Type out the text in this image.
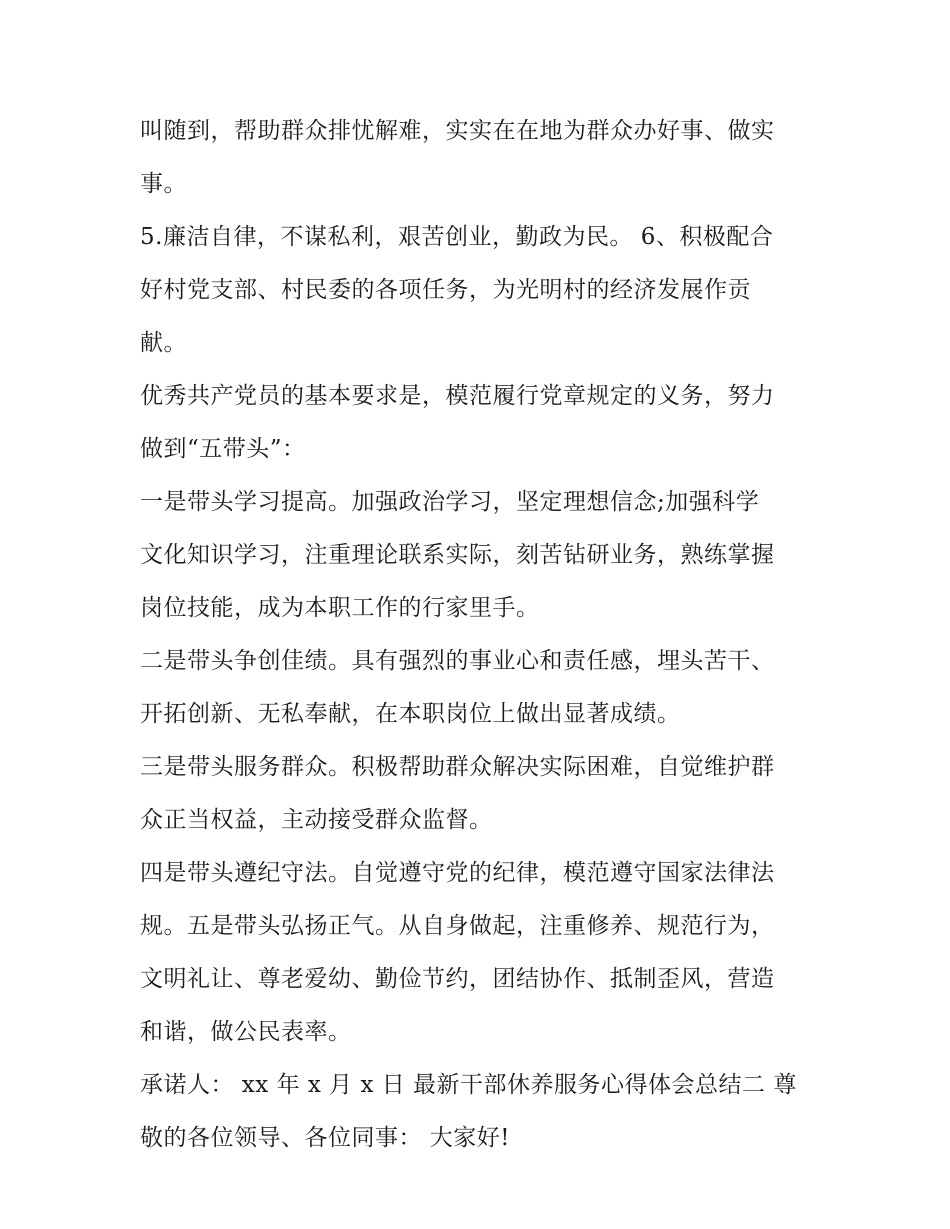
叫随到，帮助群众排忧解难，实实在在地为群众办好事、做实
事。
5.廉洁自律，不谋私利，艰苦创业，勤政为民。 6、积极配合
好村党支部、村民委的各项任务，为光明村的经济发展作贡
献。
优秀共产党员的基本要求是，模范履行党章规定的义务，努力
做到“五带头”：
一是带头学习提高。加强政治学习，坚定理想信念;加强科学
文化知识学习，注重理论联系实际，刻苦钻研业务，熟练掌握
岗位技能，成为本职工作的行家里手。
二是带头争创佳绩。具有强烈的事业心和责任感，埋头苦干、
开拓创新、无私奉献，在本职岗位上做出显著成绩。
三是带头服务群众。积极帮助群众解决实际困难，自觉维护群
众正当权益，主动接受群众监督。
四是带头遵纪守法。自觉遵守党的纪律，模范遵守国家法律法
规。五是带头弘扬正气。从自身做起，注重修养、规范行为，
文明礼让、尊老爱幼、勤俭节约，团结协作、抵制歪风，营造
和谐，做公民表率。
承诺人： xx 年 x 月 x 日 最新干部休养服务心得体会总结二 尊
敬的各位领导、各位同事： 大家好!
